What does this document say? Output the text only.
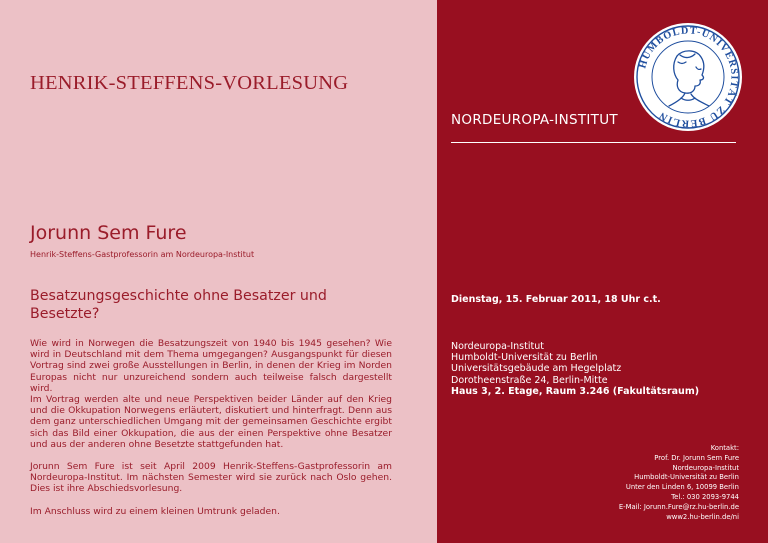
HENRIK-STEFFENS-VORLESUNG
Jorunn Sem Fure
Henrik-Steffens-Gastprofessorin am Nordeuropa-Institut
Besatzungsgeschichte ohne Besatzer und
Besetzte?

Wie wird in Norwegen die Besatzungszeit von 1940 bis 1945 gesehen? Wie wird in Deutschland mit dem Thema umgegangen? Ausgangspunkt für diesen Vortrag sind zwei große Ausstellungen in Berlin, in denen der Krieg im Norden Europas nicht nur unzureichend sondern auch teilweise falsch dargestellt wird.

Im Vortrag werden alte und neue Perspektiven beider Länder auf den Krieg und die Okkupation Norwegens erläutert, diskutiert und hinterfragt. Denn aus dem ganz unterschiedlichen Umgang mit der gemeinsamen Geschichte ergibt sich das Bild einer Okkupation, die aus der einen Perspektive ohne Besatzer und aus der anderen ohne Besetzte stattgefunden hat.

Jorunn Sem Fure ist seit April 2009 Henrik-Steffens-Gastprofessorin am Nordeuropa-Institut. Im nächsten Semester wird sie zurück nach Oslo gehen. Dies ist ihre Abschiedsvorlesung.

Im Anschluss wird zu einem kleinen Umtrunk geladen.

NORDEUROPA-INSTITUT
Dienstag, 15. Februar 2011, 18 Uhr c.t.
Nordeuropa-Institut
Humboldt-Universität zu Berlin
Universitätsgebäude am Hegelplatz
Dorotheenstraße 24, Berlin-Mitte
Haus 3, 2. Etage, Raum 3.246 (Fakultätsraum)
Kontakt:
Prof. Dr. Jorunn Sem Fure
Nordeuropa-Institut
Humboldt-Universität zu Berlin
Unter den Linden 6, 10099 Berlin
Tel.: 030 2093-9744
E-Mail: Jorunn.Fure@rz.hu-berlin.de
www2.hu-berlin.de/ni
HUMBOLDT-UNIVERSITÄT ZU BERLIN
